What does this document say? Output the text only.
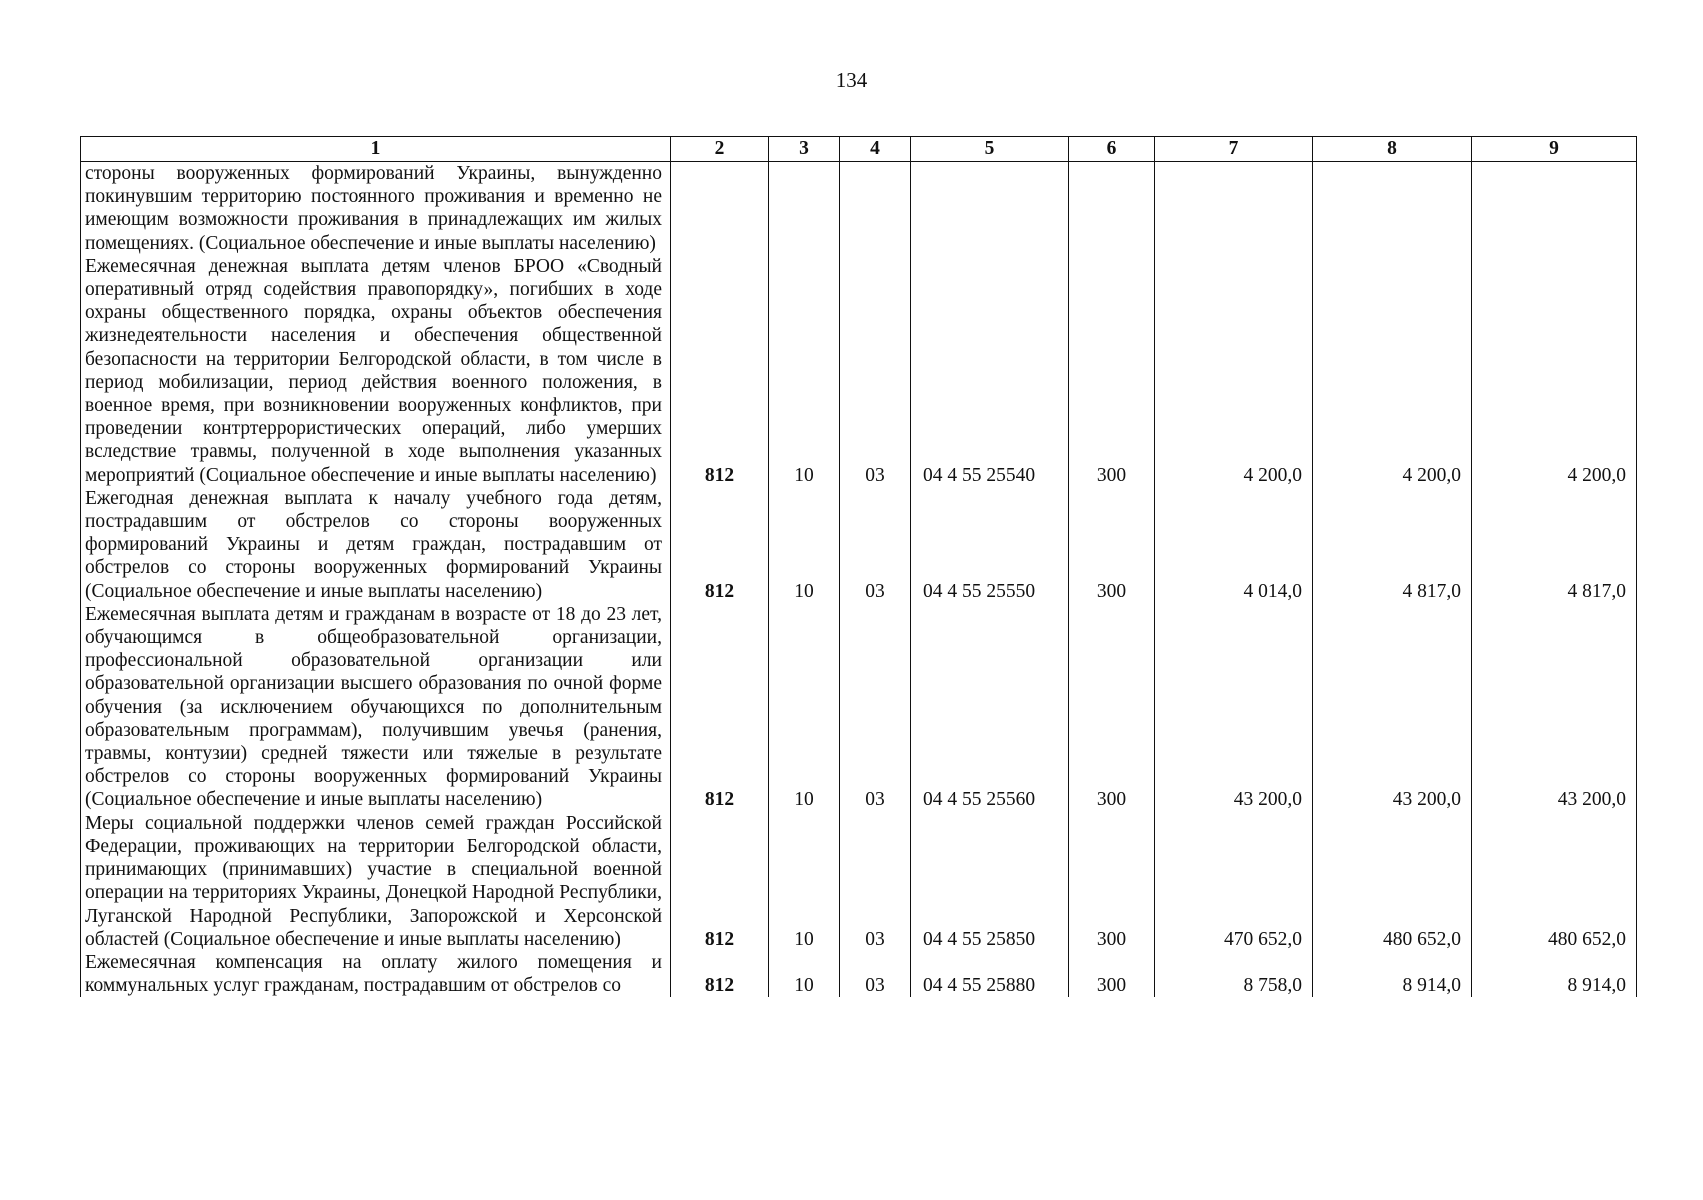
134
1	2	3	4	5	6	7	8	9
стороны вооруженных формирований Украины, вынужденно покинувшим территорию постоянного проживания и временно не имеющим возможности проживания в принадлежащих им жилых помещениях. (Социальное обеспечение и иные выплаты населению)								
Ежемесячная денежная выплата детям членов БРОО «Сводный оперативный отряд содействия правопорядку», погибших в ходе охраны общественного порядка, охраны объектов обеспечения жизнедеятельности населения и обеспечения общественной безопасности на территории Белгородской области, в том числе в период мобилизации, период действия военного положения, в военное время, при возникновении вооруженных конфликтов, при проведении контртеррористических операций, либо умерших вследствие травмы, полученной в ходе выполнения указанных мероприятий (Социальное обеспечение и иные выплаты населению)	812	10	03	04 4 55 25540	300	4 200,0	4 200,0	4 200,0
Ежегодная денежная выплата к началу учебного года детям, пострадавшим от обстрелов со стороны вооруженных формирований Украины и детям граждан, пострадавшим от обстрелов со стороны вооруженных формирований Украины (Социальное обеспечение и иные выплаты населению)	812	10	03	04 4 55 25550	300	4 014,0	4 817,0	4 817,0
Ежемесячная выплата детям и гражданам в возрасте от 18 до 23 лет, обучающимся в общеобразовательной организации, профессиональной образовательной организации или образовательной организации высшего образования по очной форме обучения (за исключением обучающихся по дополнительным образовательным программам), получившим увечья (ранения, травмы, контузии) средней тяжести или тяжелые в результате обстрелов со стороны вооруженных формирований Украины (Социальное обеспечение и иные выплаты населению)	812	10	03	04 4 55 25560	300	43 200,0	43 200,0	43 200,0
Меры социальной поддержки членов семей граждан Российской Федерации, проживающих на территории Белгородской области, принимающих (принимавших) участие в специальной военной операции на территориях Украины, Донецкой Народной Республики, Луганской Народной Республики, Запорожской и Херсонской областей (Социальное обеспечение и иные выплаты населению)	812	10	03	04 4 55 25850	300	470 652,0	480 652,0	480 652,0
Ежемесячная компенсация на оплату жилого помещения и коммунальных услуг гражданам, пострадавшим от обстрелов со	812	10	03	04 4 55 25880	300	8 758,0	8 914,0	8 914,0
